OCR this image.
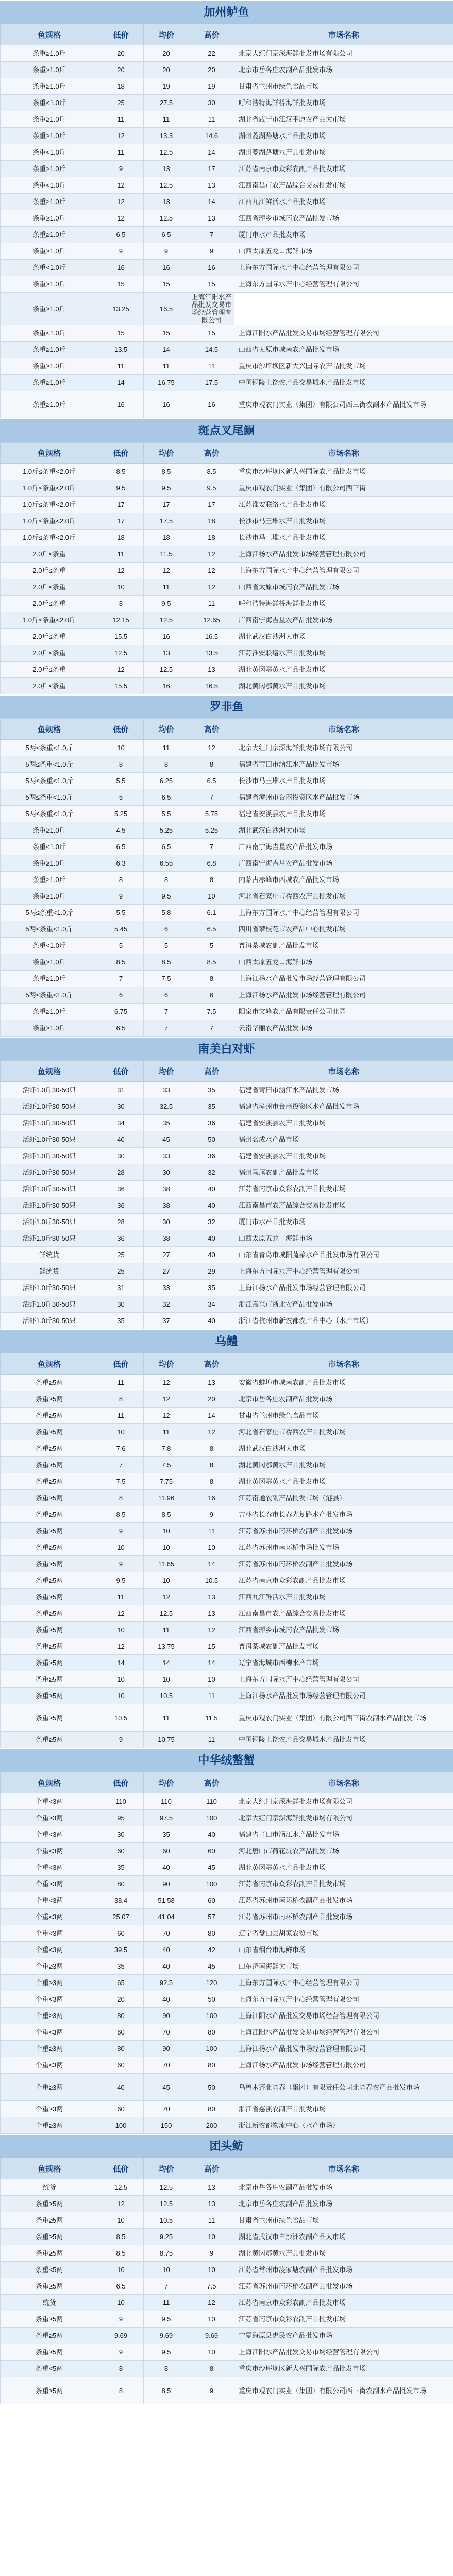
加州鲈鱼
鱼规格	低价	均价	高价	市场名称
条重≥1.0斤	20	20	22	北京大红门京深海鲜批发市场有限公司
条重≥1.0斤	20	20	20	北京市岳各庄农副产品批发市场
条重≥1.0斤	18	19	19	甘肃省兰州市绿色食品市场
条重<1.0斤	25	27.5	30	呼和浩特海鲜桥海鲜批发市场
条重≥1.0斤	11	11	11	湖北省咸宁市江汉平原农产品大市场
条重≥1.0斤	12	13.3	14.6	湖州菱湖路塘水产品批发市场
条重<1.0斤	11	12.5	14	湖州菱湖路塘水产品批发市场
条重≥1.0斤	9	13	17	江苏省南京市众彩农副产品批发市场
条重<1.0斤	12	12.5	13	江西南昌市农产品综合交易批发市场
条重≥1.0斤	12	13	14	江西九江鲜活水产品批发市场
条重≥1.0斤	12	12.5	13	江西省萍乡市城南农产品批发市场
条重≥1.0斤	6.5	6.5	7	厦门市水产品批发市场
条重≥1.0斤	9	9	9	山西太原五龙口海鲜市场
条重<1.0斤	16	16	16	上海东方国际水产中心经营管理有限公司
条重≥1.0斤	15	15	15	上海东方国际水产中心经营管理有限公司
条重≥1.0斤	13.25	16.5	上海江阳水产品批发交易市场经营管理有限公司	
条重<1.0斤	15	15	15	上海江阳水产品批发交易市场经营管理有限公司
条重≥1.0斤	13.5	14	14.5	山西省太原市城南农产品批发市场
条重≥1.0斤	11	11	11	重庆市沙坪坝区新大兴国际农产品批发市场
条重≥1.0斤	14	16.75	17.5	中国铜陵上饶农产品交易城水产品批发市场
条重≥1.0斤	16	16	16	重庆市观农门实业（集团）有限公司西三街农副水产品批发市场
斑点叉尾鮰
鱼规格	低价	均价	高价	市场名称
1.0斤≤条重<2.0斤	8.5	8.5	8.5	重庆市沙坪坝区新大兴国际农产品批发市场
1.0斤≤条重<2.0斤	9.5	9.5	9.5	重庆市观农门实业（集团）有限公司西三街
1.0斤≤条重<2.0斤	17	17	17	江苏淮安联络水产品批发市场
1.0斤≤条重<2.0斤	17	17.5	18	长沙市马王堆水产品批发市场
1.0斤≤条重<2.0斤	18	18	18	长沙市马王堆水产品批发市场
2.0斤≤条重	11	11.5	12	上海江杨水产品批发市场经营管理有限公司
2.0斤≤条重	12	12	12	上海东方国际水产中心经营管理有限公司
2.0斤≤条重	10	11	12	山西省太原市城南农产品批发市场
2.0斤≤条重	8	9.5	11	呼和浩特海鲜桥海鲜批发市场
1.0斤≤条重<2.0斤	12.15	12.5	12.65	广西南宁海吉星农产品批发市场
2.0斤≤条重	15.5	16	16.5	湖北武汉白沙洲大市场
2.0斤≤条重	12.5	13	13.5	江苏淮安联络水产品批发市场
2.0斤≤条重	12	12.5	13	湖北黄冈鄂黄水产品批发市场
2.0斤≤条重	15.5	16	16.5	湖北黄冈鄂黄水产品批发市场
罗非鱼
鱼规格	低价	均价	高价	市场名称
5两≤条重<1.0斤	10	11	12	北京大红门京深海鲜批发市场有限公司
5两≤条重<1.0斤	8	8	8	福建省莆田市涵江水产品批发市场
5两≤条重<1.0斤	5.5	6.25	6.5	长沙市马王堆水产品批发市场
5两≤条重<1.0斤	5	6.5	7	福建省漳州市台商投资区水产品批发市场
5两≤条重<1.0斤	5.25	5.5	5.75	福建省安溪县农产品批发市场
条重≥1.0斤	4.5	5.25	5.25	湖北武汉白沙洲大市场
条重<1.0斤	6.5	6.5	7	广西南宁海吉星农产品批发市场
条重≥1.0斤	6.3	6.55	6.8	广西南宁海吉星农产品批发市场
条重≥1.0斤	8	8	8	内蒙古赤峰市西城农产品批发市场
条重≥1.0斤	9	9.5	10	河北省石家庄市桥西农产品批发市场
5两≤条重<1.0斤	5.5	5.8	6.1	上海东方国际水产中心经营管理有限公司
5两≤条重<1.0斤	5.45	6	6.5	四川省攀枝花市农产品中心批发市场
条重<1.0斤	5	5	5	普洱茶城农副产品批发市场
条重≥1.0斤	8.5	8.5	8.5	山西太原五龙口海鲜市场
条重≥1.0斤	7	7.5	8	上海江杨水产品批发市场经营管理有限公司
5两≤条重<1.0斤	6	6	6	上海江杨水产品批发市场经营管理有限公司
条重≥1.0斤	6.75	7	7.5	阳泉市文峰农产品有限责任公司北园
条重≥1.0斤	6.5	7	7	云南华丽农产品批发市场
南美白对虾
鱼规格	低价	均价	高价	市场名称
活虾1.0斤30-50只	31	33	35	福建省莆田市涵江水产品批发市场
活虾1.0斤30-50只	30	32.5	35	福建省漳州市台商投资区水产品批发市场
活虾1.0斤30-50只	34	35	36	福建省安溪县农产品批发市场
活虾1.0斤30-50只	40	45	50	福州名成水产品市场
活虾1.0斤30-50只	30	33	36	福建省安溪县农产品批发市场
活虾1.0斤30-50只	28	30	32	福州马尾农副产品批发市场
活虾1.0斤30-50只	36	38	40	江苏省南京市众彩农副产品批发市场
活虾1.0斤30-50只	36	38	40	江西南昌市农产品综合交易批发市场
活虾1.0斤30-50只	28	30	32	厦门市水产品批发市场
活虾1.0斤30-50只	36	38	40	山西太原五龙口海鲜市场
鲜统货	25	27	40	山东省青岛市城阳蔬菜水产品批发市场有限公司
鲜统货	25	27	29	上海东方国际水产中心经营管理有限公司
活虾1.0斤30-50只	31	33	35	上海江杨水产品批发市场经营管理有限公司
活虾1.0斤30-50只	30	32	34	浙江嘉兴市浙北农产品批发市场
活虾1.0斤30-50只	35	37	40	浙江省杭州市新农都农产品中心（水产市场）
乌鳢
鱼规格	低价	均价	高价	市场名称
条重≥5两	11	12	13	安徽省蚌埠市城南农副产品批发市场
条重≥5两	8	12	20	北京市岳各庄农副产品批发市场
条重≥5两	11	12	14	甘肃省兰州市绿色食品市场
条重≥5两	10	11	12	河北省石家庄市桥西农产品批发市场
条重≥5两	7.6	7.8	8	湖北武汉白沙洲大市场
条重≥5两	7	7.5	8	湖北黄冈鄂黄水产品批发市场
条重≥5两	7.5	7.75	8	湖北黄冈鄂黄水产品批发市场
条重≥5两	8	11.96	16	江苏南通农副产品批发市场（港县）
条重≥5两	8.5	8.5	9	吉林省长春市长春光复路水产批发市场
条重≥5两	9	10	11	江苏省苏州市南环桥农副产品批发市场
条重≥5两	10	10	10	江苏省苏州市南环桥市场批发市场
条重≥5两	9	11.65	14	江苏省苏州市南环桥农副产品批发市场
条重≥5两	9.5	10	10.5	江苏省南京市众彩农副产品批发市场
条重≥5两	11	12	13	江西九江鲜活水产品批发市场
条重≥5两	12	12.5	13	江西南昌市农产品综合交易批发市场
条重≥5两	10	11	12	江西省萍乡市城南农产品批发市场
条重≥5两	12	13.75	15	普洱茶城农副产品批发市场
条重≥5两	14	14	14	辽宁省海城市西柳水产市场
条重≥5两	10	10	10	上海东方国际水产中心经营管理有限公司
条重≥5两	10	10.5	11	上海江杨水产品批发市场经营管理有限公司
条重≥5两	10.5	11	11.5	重庆市观农门实业（集团）有限公司西三街农副水产品批发市场
条重≥5两	9	10.75	11	中国铜陵上饶农产品交易城水产品批发市场
中华绒螯蟹
鱼规格	低价	均价	高价	市场名称
个重<3两	110	110	110	北京大红门京深海鲜批发市场有限公司
个重≥3两	95	97.5	100	北京大红门京深海鲜批发市场有限公司
个重<3两	30	35	40	福建省莆田市涵江水产品批发市场
个重<3两	60	60	60	河北唐山市荷花坑农产品批发市场
个重<3两	35	40	45	湖北黄冈鄂黄水产品批发市场
个重≥3两	80	90	100	江苏省南京市众彩农副产品批发市场
个重<3两	38.4	51.58	60	江苏省苏州市南环桥农副产品批发市场
个重<3两	25.07	41.04	57	江苏省苏州市南环桥农副产品批发市场
个重<3两	60	70	80	辽宁省盘山县胡家农贸市场
个重<3两	39.5	40	42	山东省烟台市海鲜市场
个重≥3两	35	40	45	山东济南海鲜大市场
个重≥3两	65	92.5	120	上海东方国际水产中心经营管理有限公司
个重<3两	20	40	50	上海东方国际水产中心经营管理有限公司
个重≥3两	80	90	100	上海江阳水产品批发交易市场经营管理有限公司
个重<3两	60	70	80	上海江阳水产品批发交易市场经营管理有限公司
个重≥3两	80	90	100	上海江杨水产品批发市场经营管理有限公司
个重<3两	60	70	80	上海江杨水产品批发市场经营管理有限公司
个重≥3两	40	45	50	乌鲁木齐北园春（集团）有限责任公司北园春农产品批发市场
个重≥3两	60	70	80	浙江省慈溪农副产品批发市场
个重≥3两	100	150	200	浙江新农都物流中心（水产市场）
团头鲂
鱼规格	低价	均价	高价	市场名称
统货	12.5	12.5	13	北京市岳各庄农副产品批发市场
条重≥5两	12	12.5	13	北京市岳各庄农副产品批发市场
条重≥5两	10	10.5	11	甘肃省兰州市绿色食品市场
条重≥5两	8.5	9.25	10	湖北省武汉市白沙洲农副产品大市场
条重≥5两	8.5	8.75	9	湖北黄冈鄂黄水产品批发市场
条重<5两	10	10	10	江苏省常州市凌家塘农副产品批发市场
条重≥5两	6.5	7	7.5	江苏省苏州市南环桥农副产品批发市场
统货	10	11	12	江苏省南京市众彩农副产品批发市场
条重≥5两	9	9.5	10	江苏省南京市众彩农副产品批发市场
条重≥5两	9.69	9.69	9.69	宁夏海原县惠民农产品批发市场
条重≥5两	9	9.5	10	上海江阳水产品批发交易市场经营管理有限公司
条重<5两	8	8	8	重庆市沙坪坝区新大兴国际农产品批发市场
条重≥5两	8	8.5	9	重庆市观农门实业（集团）有限公司西三街农副水产品批发市场
